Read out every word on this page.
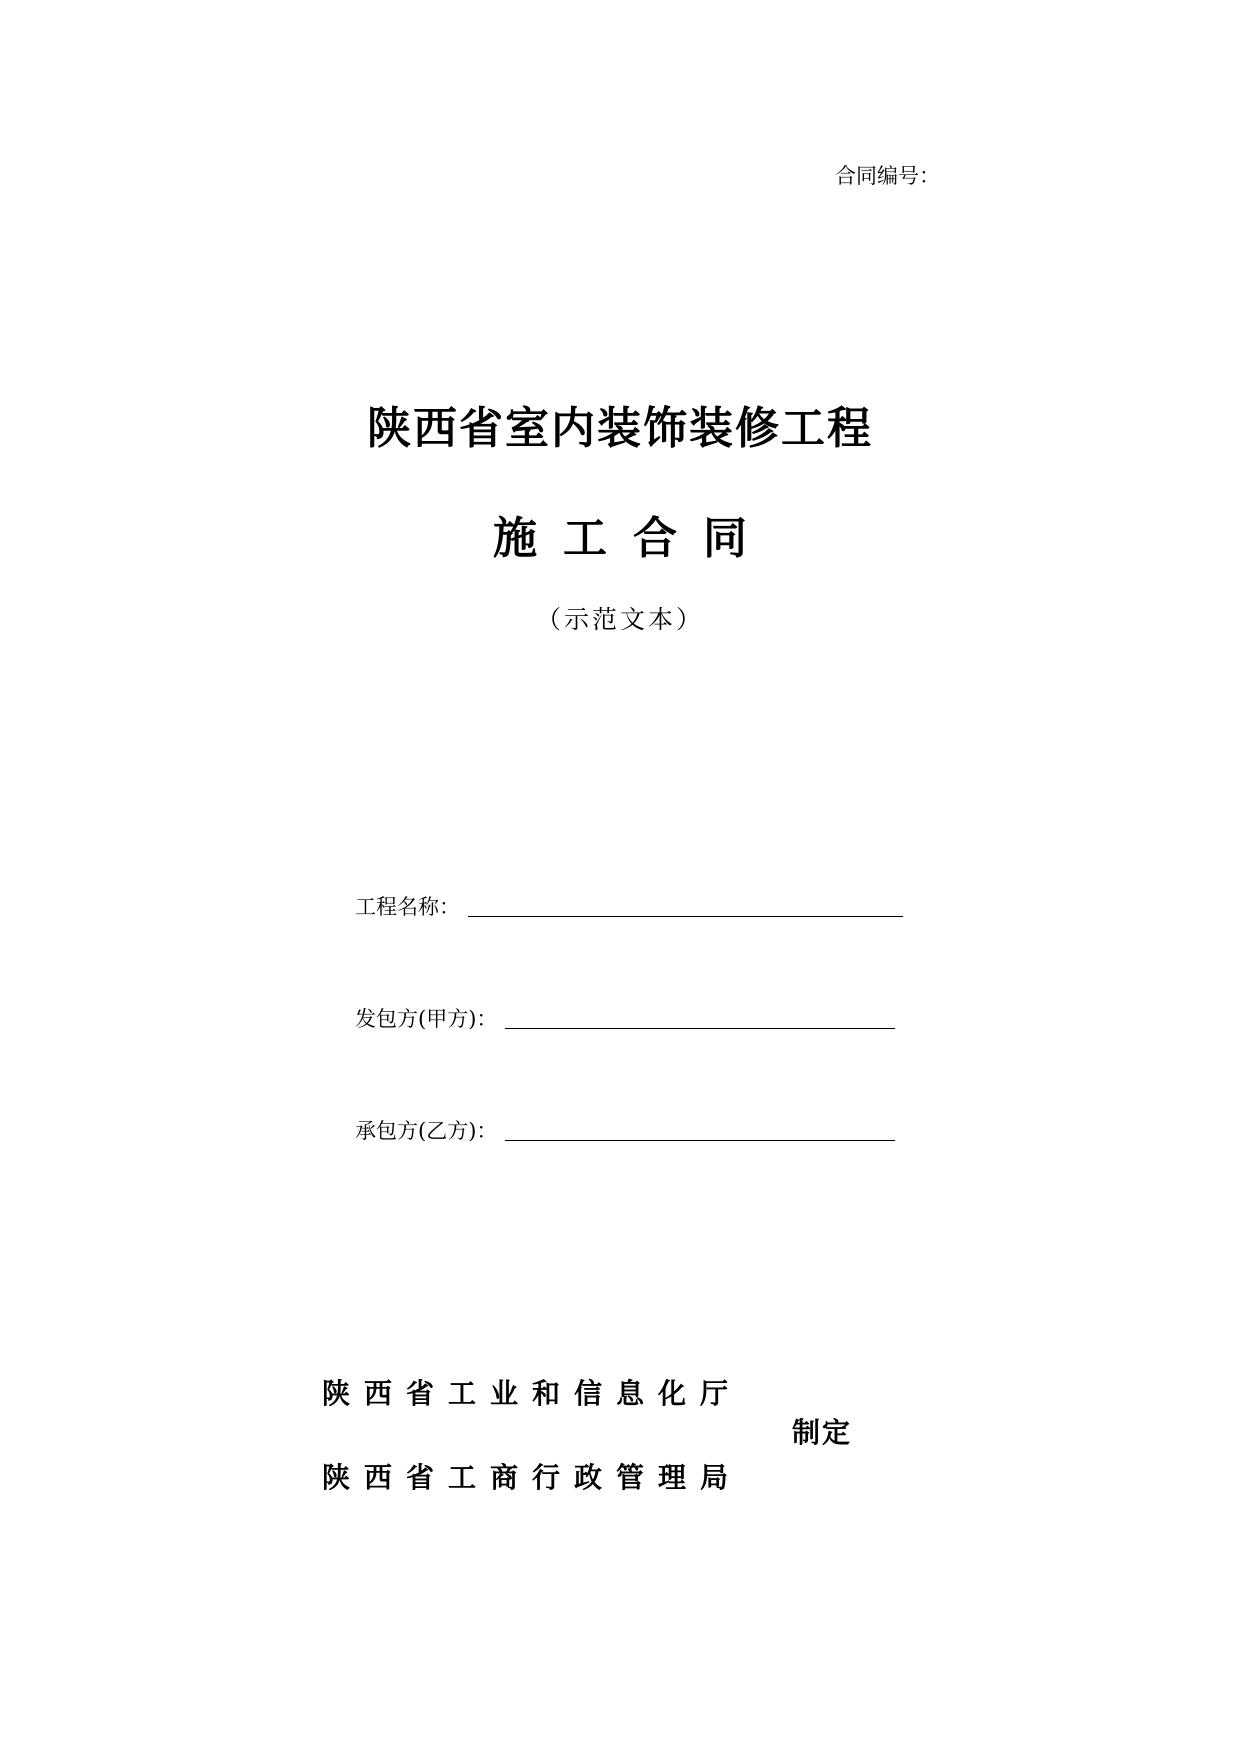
合同编号：
陕西省室内装饰装修工程
施工合同
（示范文本）
工程名称：
发包方(甲方)：
承包方(乙方)：
陕西省工业和信息化厅
制定
陕西省工商行政管理局
